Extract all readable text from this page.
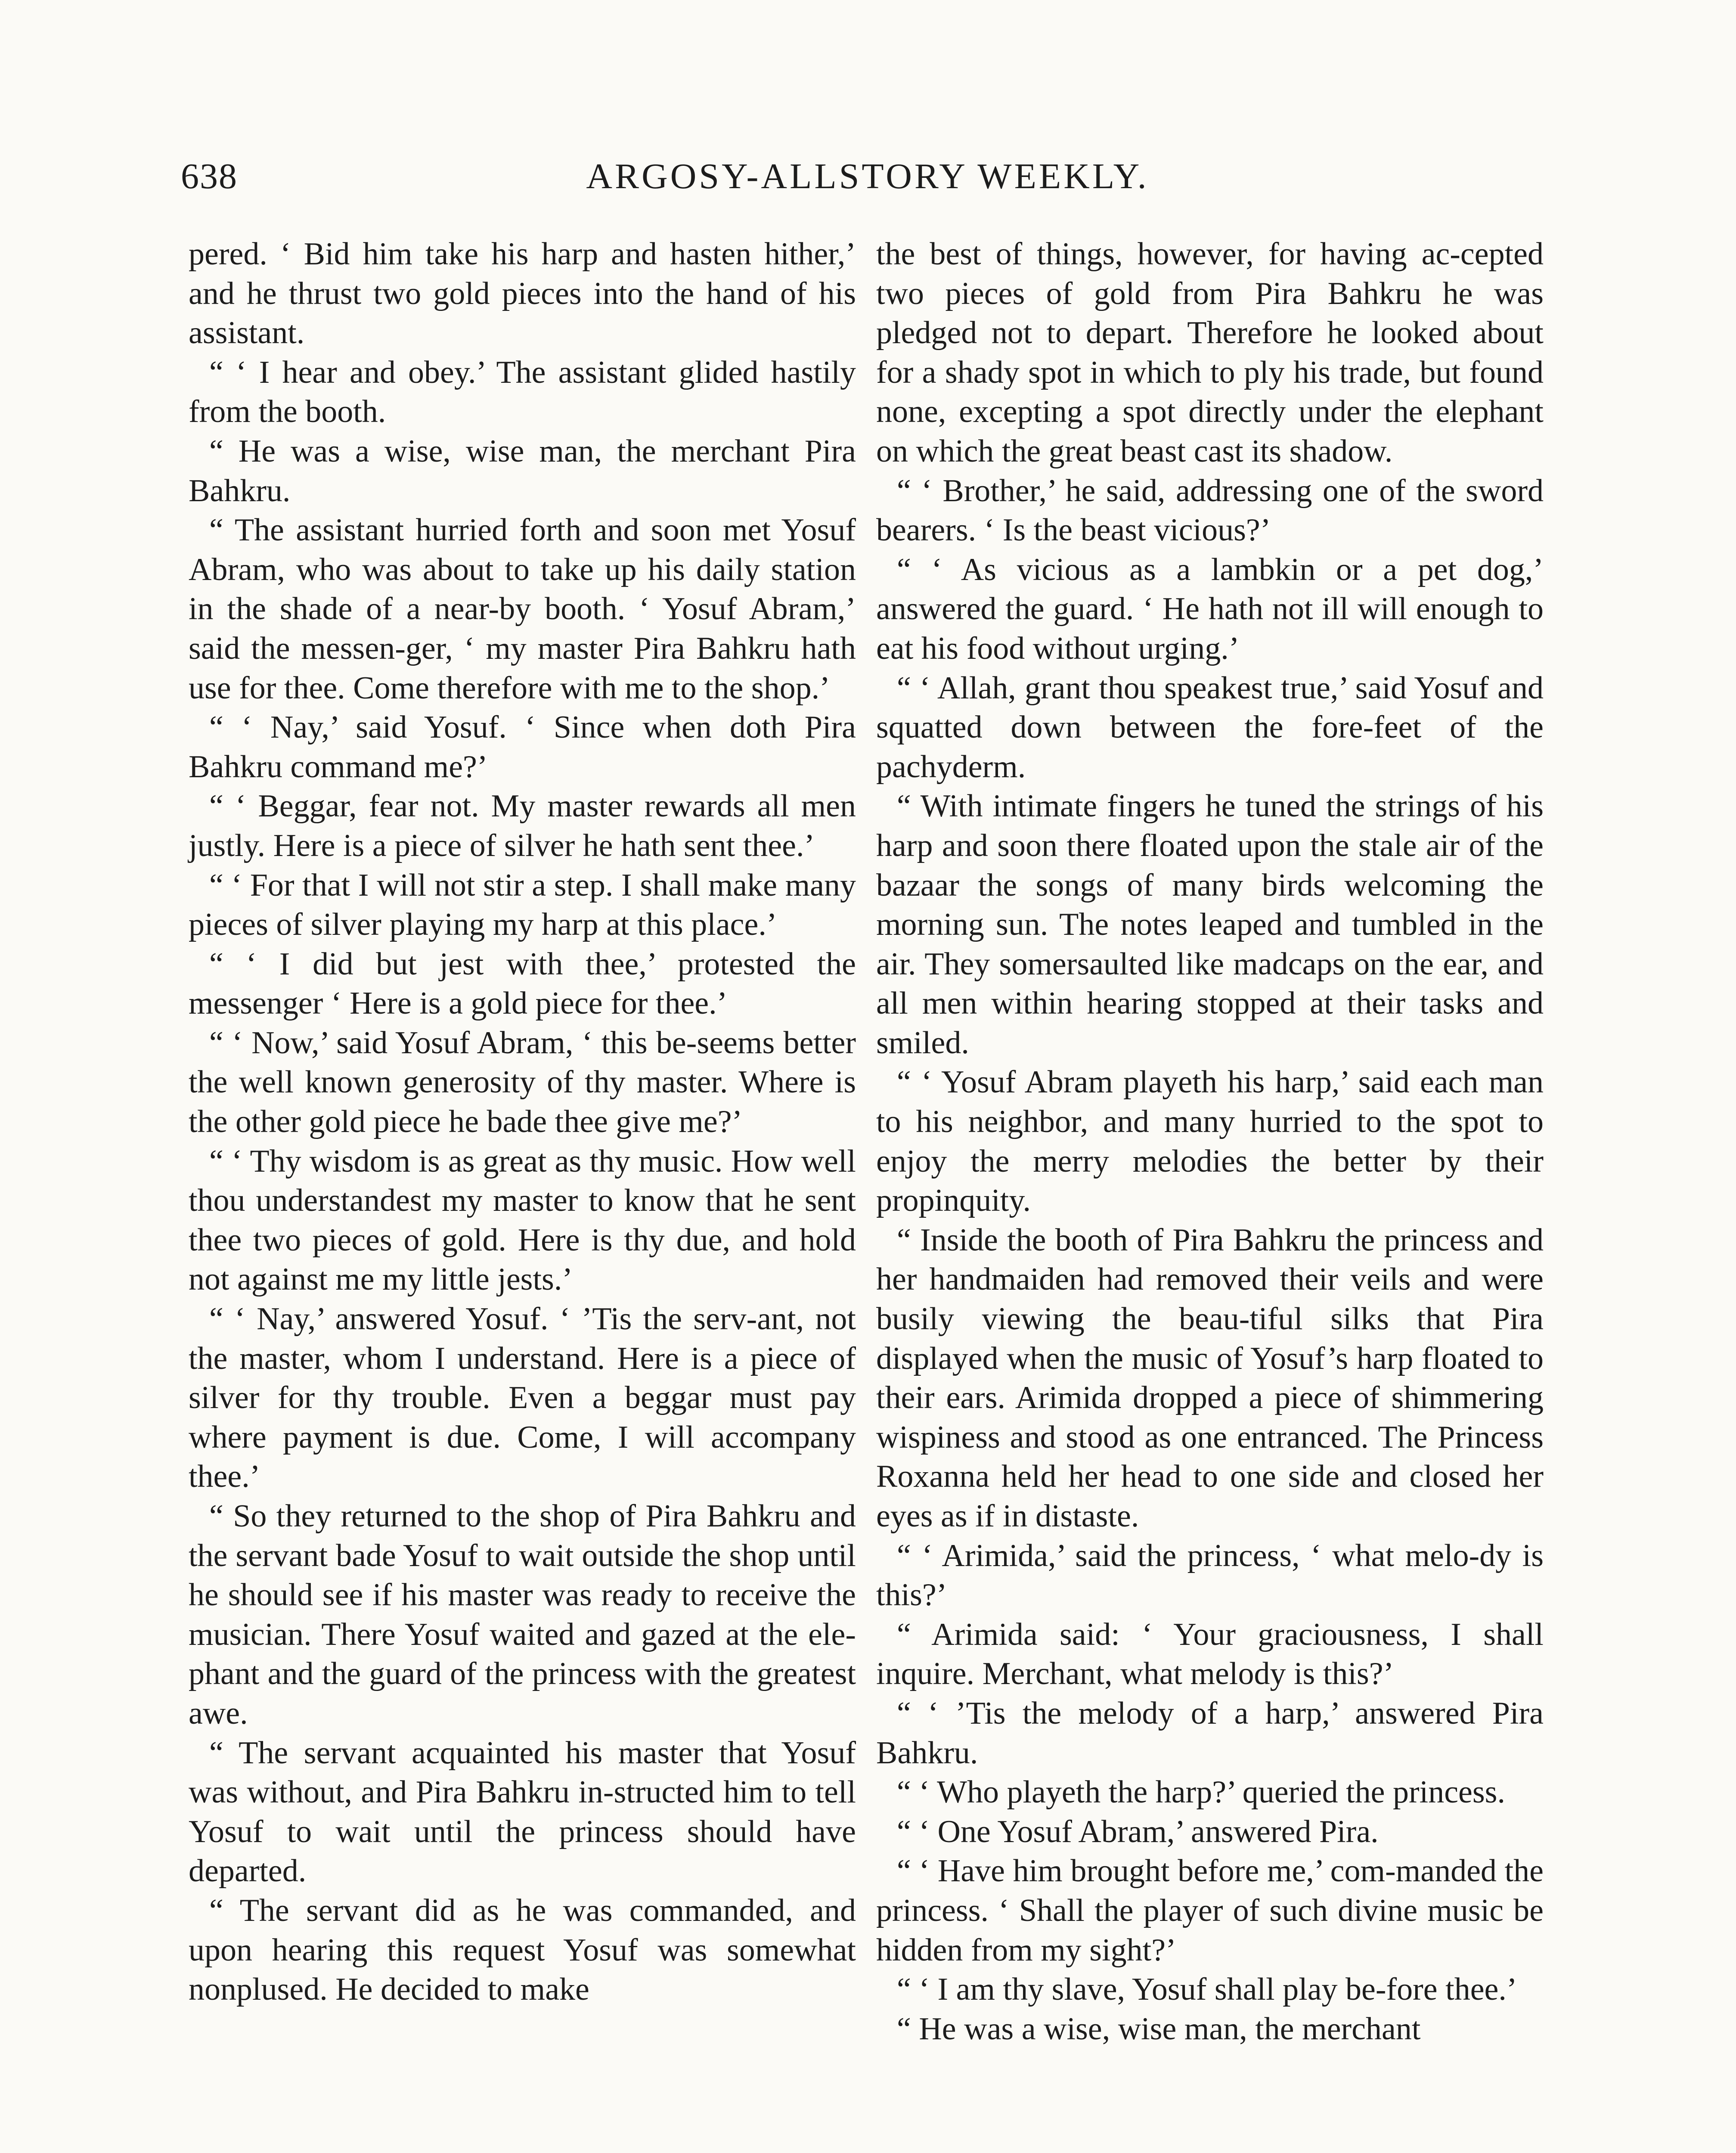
638	ARGOSY-ALLSTORY WEEKLY.

pered. ‘ Bid him take his harp and hasten hither,’ and he thrust two gold pieces into the hand of his assistant.

“ ‘ I hear and obey.’ The assistant glided hastily from the booth.

“ He was a wise, wise man, the merchant Pira Bahkru.

“ The assistant hurried forth and soon met Yosuf Abram, who was about to take up his daily station in the shade of a near-by booth. ‘ Yosuf Abram,’ said the messen-ger, ‘ my master Pira Bahkru hath use for thee. Come therefore with me to the shop.’

“ ‘ Nay,’ said Yosuf. ‘ Since when doth Pira Bahkru command me?’

“ ‘ Beggar, fear not. My master rewards all men justly. Here is a piece of silver he hath sent thee.’

“ ‘ For that I will not stir a step. I shall make many pieces of silver playing my harp at this place.’

“ ‘ I did but jest with thee,’ protested the messenger ‘ Here is a gold piece for thee.’

“ ‘ Now,’ said Yosuf Abram, ‘ this be-seems better the well known generosity of thy master. Where is the other gold piece he bade thee give me?’

“ ‘ Thy wisdom is as great as thy music. How well thou understandest my master to know that he sent thee two pieces of gold. Here is thy due, and hold not against me my little jests.’

“ ‘ Nay,’ answered Yosuf. ‘ ’Tis the serv-ant, not the master, whom I understand. Here is a piece of silver for thy trouble. Even a beggar must pay where payment is due. Come, I will accompany thee.’

“ So they returned to the shop of Pira Bahkru and the servant bade Yosuf to wait outside the shop until he should see if his master was ready to receive the musician. There Yosuf waited and gazed at the ele-phant and the guard of the princess with the greatest awe.

“ The servant acquainted his master that Yosuf was without, and Pira Bahkru in-structed him to tell Yosuf to wait until the princess should have departed.

“ The servant did as he was commanded, and upon hearing this request Yosuf was somewhat nonplused. He decided to make

the best of things, however, for having ac-cepted two pieces of gold from Pira Bahkru he was pledged not to depart. Therefore he looked about for a shady spot in which to ply his trade, but found none, excepting a spot directly under the elephant on which the great beast cast its shadow.

“ ‘ Brother,’ he said, addressing one of the sword bearers. ‘ Is the beast vicious?’

“ ‘ As vicious as a lambkin or a pet dog,’ answered the guard. ‘ He hath not ill will enough to eat his food without urging.’

“ ‘ Allah, grant thou speakest true,’ said Yosuf and squatted down between the fore-feet of the pachyderm.

“ With intimate fingers he tuned the strings of his harp and soon there floated upon the stale air of the bazaar the songs of many birds welcoming the morning sun. The notes leaped and tumbled in the air. They somersaulted like madcaps on the ear, and all men within hearing stopped at their tasks and smiled.

“ ‘ Yosuf Abram playeth his harp,’ said each man to his neighbor, and many hurried to the spot to enjoy the merry melodies the better by their propinquity.

“ Inside the booth of Pira Bahkru the princess and her handmaiden had removed their veils and were busily viewing the beau-tiful silks that Pira displayed when the music of Yosuf’s harp floated to their ears. Arimida dropped a piece of shimmering wispiness and stood as one entranced. The Princess Roxanna held her head to one side and closed her eyes as if in distaste.

“ ‘ Arimida,’ said the princess, ‘ what melo-dy is this?’

“ Arimida said: ‘ Your graciousness, I shall inquire. Merchant, what melody is this?’

“ ‘ ’Tis the melody of a harp,’ answered Pira Bahkru.

“ ‘ Who playeth the harp?’ queried the princess.

“ ‘ One Yosuf Abram,’ answered Pira.

“ ‘ Have him brought before me,’ com-manded the princess. ‘ Shall the player of such divine music be hidden from my sight?’

“ ‘ I am thy slave, Yosuf shall play be-fore thee.’

“ He was a wise, wise man, the merchant
